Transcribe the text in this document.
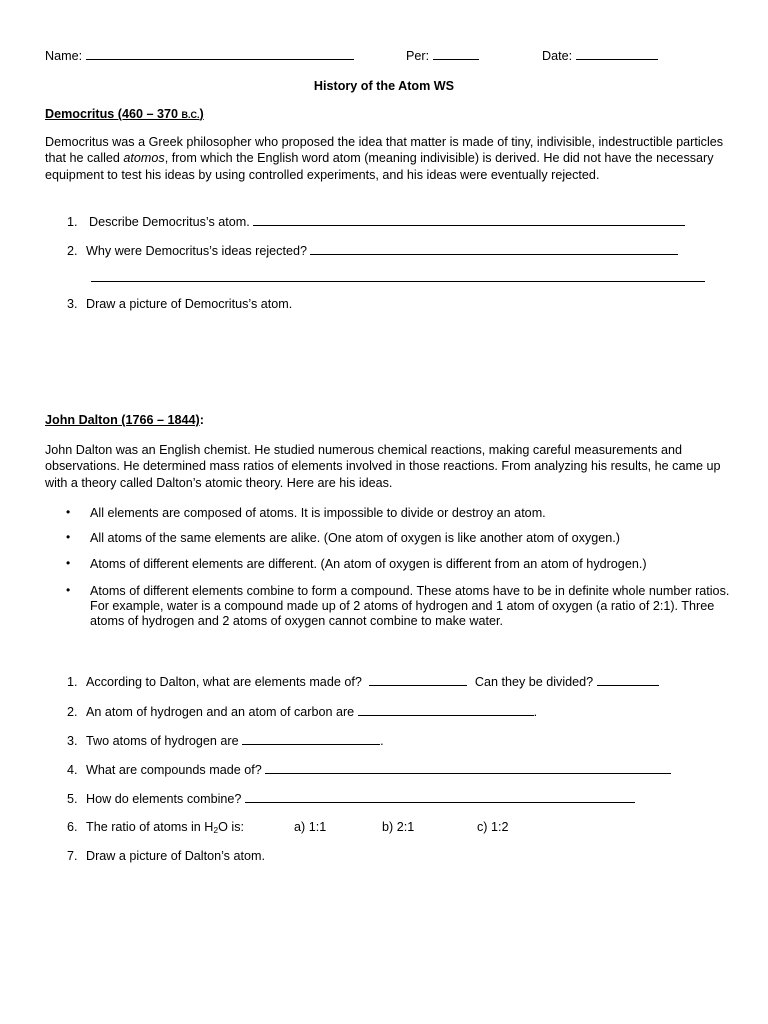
Name:	Per:	Date:
History of the Atom WS
Democritus (460 – 370 B.C.)
Democritus was a Greek philosopher who proposed the idea that matter is made of tiny, indivisible, indestructible particles that he called atomos, from which the English word atom (meaning indivisible) is derived. He did not have the necessary equipment to test his ideas by using controlled experiments, and his ideas were eventually rejected.
1. Describe Democritus’s atom.
2. Why were Democritus’s ideas rejected?
3. Draw a picture of Democritus’s atom.
John Dalton (1766 – 1844):
John Dalton was an English chemist. He studied numerous chemical reactions, making careful measurements and observations. He determined mass ratios of elements involved in those reactions. From analyzing his results, he came up with a theory called Dalton’s atomic theory. Here are his ideas.
• All elements are composed of atoms. It is impossible to divide or destroy an atom.
• All atoms of the same elements are alike. (One atom of oxygen is like another atom of oxygen.)
• Atoms of different elements are different. (An atom of oxygen is different from an atom of hydrogen.)
• Atoms of different elements combine to form a compound. These atoms have to be in definite whole number ratios. For example, water is a compound made up of 2 atoms of hydrogen and 1 atom of oxygen (a ratio of 2:1). Three atoms of hydrogen and 2 atoms of oxygen cannot combine to make water.
1. According to Dalton, what are elements made of?	Can they be divided?
2. An atom of hydrogen and an atom of carbon are	.
3. Two atoms of hydrogen are	.
4. What are compounds made of?
5. How do elements combine?
6. The ratio of atoms in $H_2O$ is:	a) 1:1	b) 2:1	c) 1:2
7. Draw a picture of Dalton’s atom.
